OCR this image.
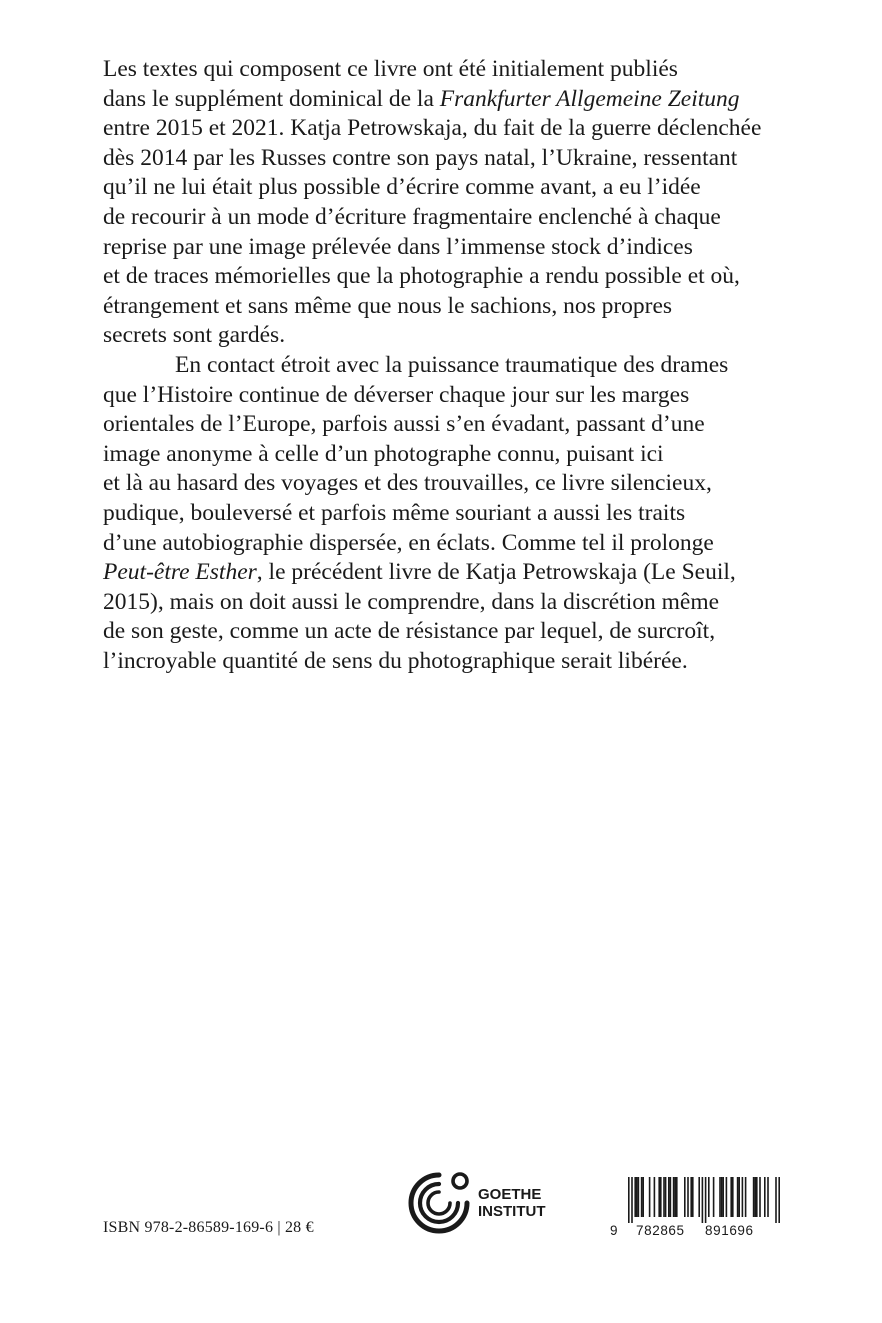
Les textes qui composent ce livre ont été initialement publiés
dans le supplément dominical de la Frankfurter Allgemeine Zeitung
entre 2015 et 2021. Katja Petrowskaja, du fait de la guerre déclenchée
dès 2014 par les Russes contre son pays natal, l’Ukraine, ressentant
qu’il ne lui était plus possible d’écrire comme avant, a eu l’idée
de recourir à un mode d’écriture fragmentaire enclenché à chaque
reprise par une image prélevée dans l’immense stock d’indices
et de traces mémorielles que la photographie a rendu possible et où,
étrangement et sans même que nous le sachions, nos propres
secrets sont gardés.

En contact étroit avec la puissance traumatique des drames
que l’Histoire continue de déverser chaque jour sur les marges
orientales de l’Europe, parfois aussi s’en évadant, passant d’une
image anonyme à celle d’un photographe connu, puisant ici
et là au hasard des voyages et des trouvailles, ce livre silencieux,
pudique, bouleversé et parfois même souriant a aussi les traits
d’une autobiographie dispersée, en éclats. Comme tel il prolonge
Peut-être Esther, le précédent livre de Katja Petrowskaja (Le Seuil,
2015), mais on doit aussi le comprendre, dans la discrétion même
de son geste, comme un acte de résistance par lequel, de surcroît,
l’incroyable quantité de sens du photographique serait libérée.

ISBN 978-2-86589-169-6 | 28 €
GOETHE
INSTITUT
9 782865 891696
